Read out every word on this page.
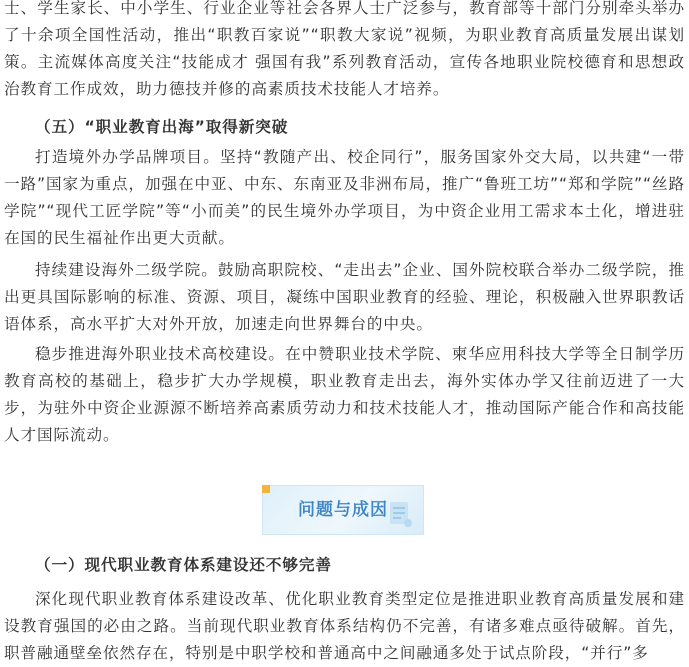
士、学生家长、中小学生、行业企业等社会各界人士广泛参与，教育部等十部门分别牵头举办了十余项全国性活动，推出“职教百家说”“职教大家说”视频，为职业教育高质量发展出谋划策。主流媒体高度关注“技能成才 强国有我”系列教育活动，宣传各地职业院校德育和思想政治教育工作成效，助力德技并修的高素质技术技能人才培养。

（五）“职业教育出海”取得新突破

打造境外办学品牌项目。坚持“教随产出、校企同行”，服务国家外交大局，以共建“一带一路”国家为重点，加强在中亚、中东、东南亚及非洲布局，推广“鲁班工坊”“郑和学院”“丝路学院”“现代工匠学院”等“小而美”的民生境外办学项目，为中资企业用工需求本土化，增进驻在国的民生福祉作出更大贡献。

持续建设海外二级学院。鼓励高职院校、“走出去”企业、国外院校联合举办二级学院，推出更具国际影响的标准、资源、项目，凝练中国职业教育的经验、理论，积极融入世界职教话语体系，高水平扩大对外开放，加速走向世界舞台的中央。

稳步推进海外职业技术高校建设。在中赞职业技术学院、柬华应用科技大学等全日制学历教育高校的基础上，稳步扩大办学规模，职业教育走出去，海外实体办学又往前迈进了一大步，为驻外中资企业源源不断培养高素质劳动力和技术技能人才，推动国际产能合作和高技能人才国际流动。

问题与成因
（一）现代职业教育体系建设还不够完善

深化现代职业教育体系建设改革、优化职业教育类型定位是推进职业教育高质量发展和建设教育强国的必由之路。当前现代职业教育体系结构仍不完善，有诸多难点亟待破解。首先，职普融通壁垒依然存在，特别是中职学校和普通高中之间融通多处于试点阶段，“并行”多
